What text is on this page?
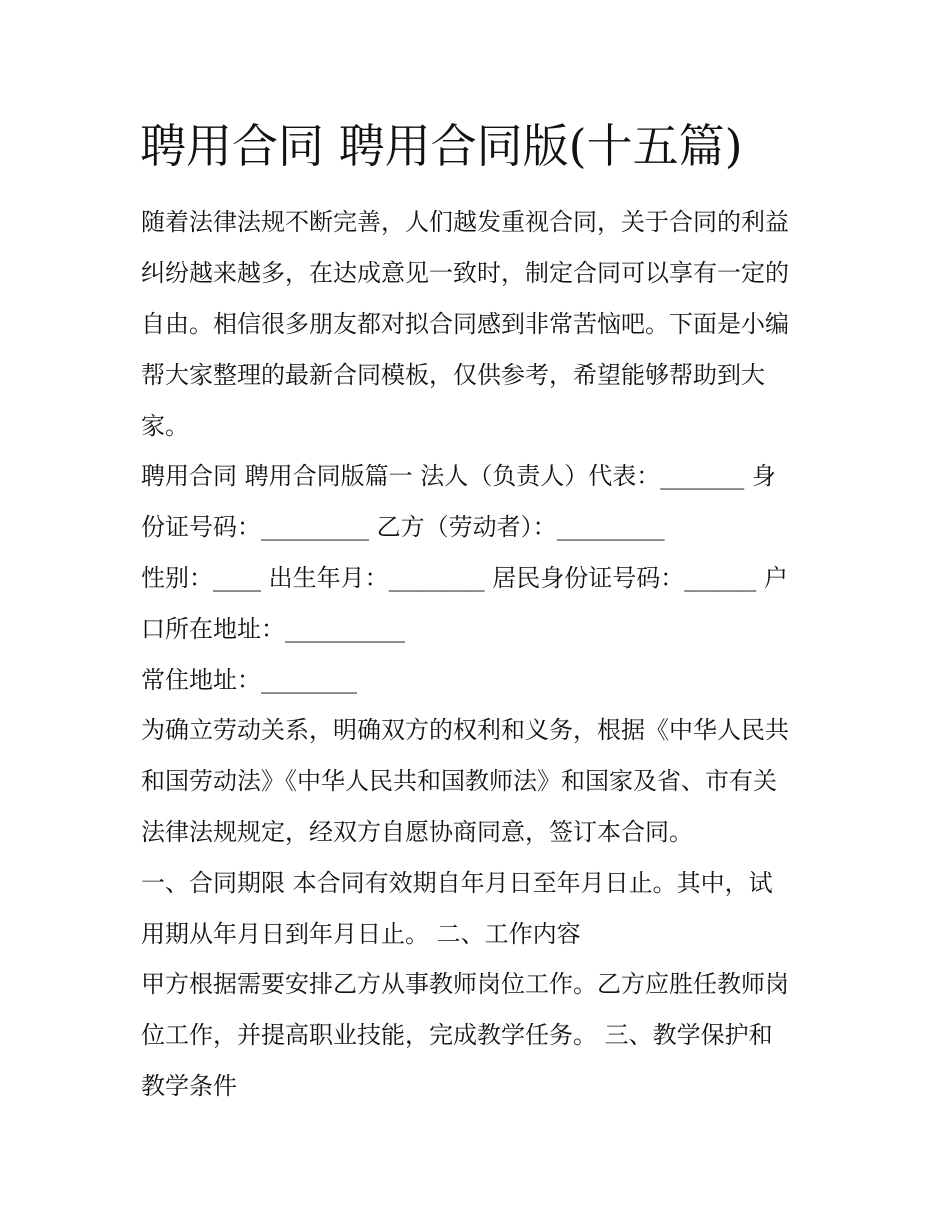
聘用合同 聘用合同版(十五篇)

随着法律法规不断完善，人们越发重视合同，关于合同的利益

纠纷越来越多，在达成意见一致时，制定合同可以享有一定的

自由。相信很多朋友都对拟合同感到非常苦恼吧。下面是小编

帮大家整理的最新合同模板，仅供参考，希望能够帮助到大

家。

聘用合同 聘用合同版篇一 法人（负责人）代表：_______ 身

份证号码：_________ 乙方（劳动者）：_________

性别：____ 出生年月：________ 居民身份证号码：______ 户

口所在地址：__________

常住地址：________

为确立劳动关系，明确双方的权利和义务，根据《中华人民共

和国劳动法》《中华人民共和国教师法》和国家及省、市有关

法律法规规定，经双方自愿协商同意，签订本合同。

一、合同期限 本合同有效期自年月日至年月日止。其中，试

用期从年月日到年月日止。 二、工作内容

甲方根据需要安排乙方从事教师岗位工作。乙方应胜任教师岗

位工作，并提高职业技能，完成教学任务。 三、教学保护和

教学条件
